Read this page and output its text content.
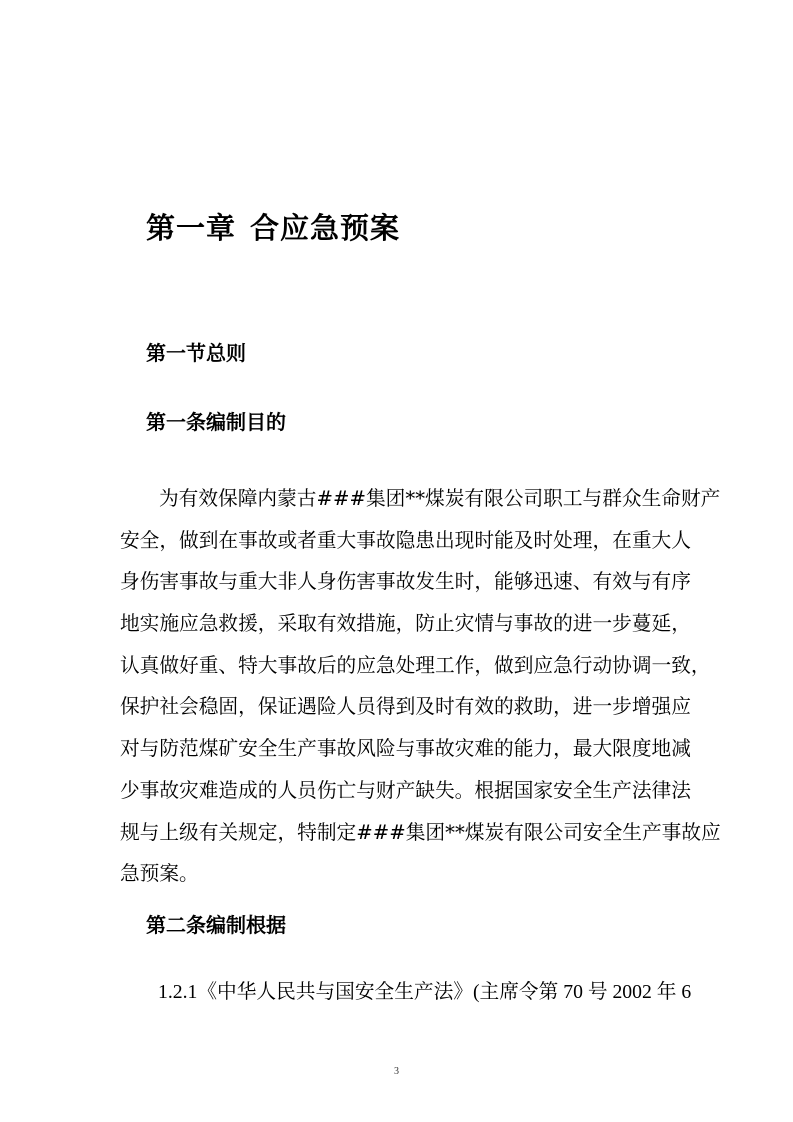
第一章 合应急预案
第一节总则
第一条编制目的
为有效保障内蒙古###集团**煤炭有限公司职工与群众生命财产
安全，做到在事故或者重大事故隐患出现时能及时处理，在重大人
身伤害事故与重大非人身伤害事故发生时，能够迅速、有效与有序
地实施应急救援，采取有效措施，防止灾情与事故的进一步蔓延，
认真做好重、特大事故后的应急处理工作，做到应急行动协调一致，
保护社会稳固，保证遇险人员得到及时有效的救助，进一步增强应
对与防范煤矿安全生产事故风险与事故灾难的能力，最大限度地减
少事故灾难造成的人员伤亡与财产缺失。根据国家安全生产法律法
规与上级有关规定，特制定###集团**煤炭有限公司安全生产事故应
急预案。
第二条编制根据

1.2.1《中华人民共与国安全生产法》(主席令第 70 号 2002 年 6

3
